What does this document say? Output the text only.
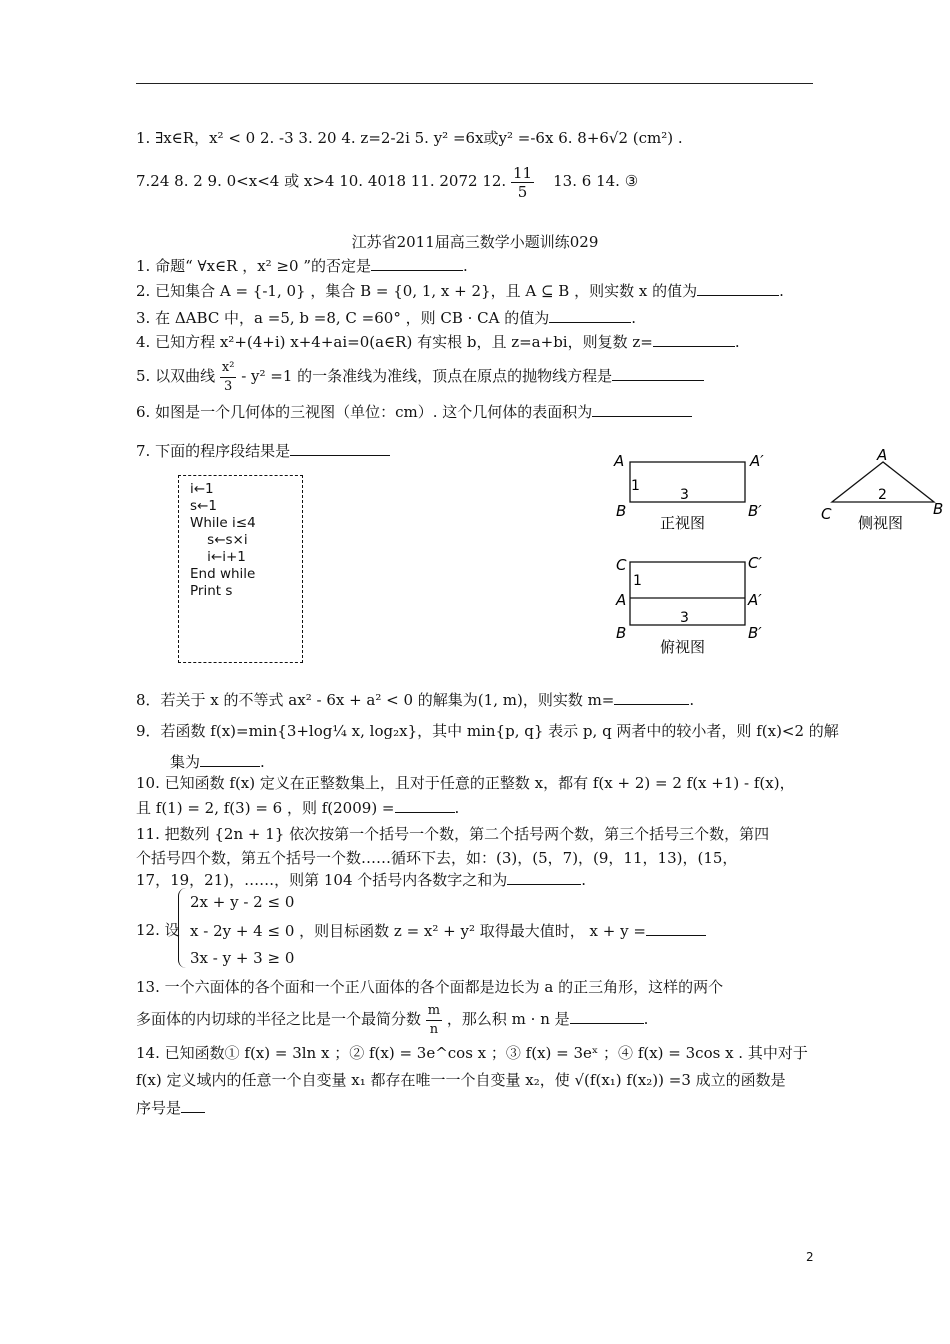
1. ∃x∈R，x² < 0 2. -3 3. 20 4. z=2-2i 5. y² =6x或y² =-6x 6. 8+6√2 (cm²) .
7.24 8. 2 9. 0<x<4 或 x>4 10. 4018 11. 2072 12. $\frac{11}{5} 13$. 6 14. ③
江苏省2011届高三数学小题训练029
1. 命题“ ∀x∈R ，x² ≥0 ”的否定是	.
2. 已知集合 A = {-1, 0} ，集合 B = {0, 1, x + 2}，且 A ⊆ B ，则实数 x 的值为	.
3. 在 ΔABC 中，a =5, b =8, C =60° ，则 CB · CA 的值为	.
4. 已知方程 x²+(4+i) x+4+ai=0(a∈R) 有实根 b，且 z=a+bi，则复数 z=	.
5. 以双曲线 $\frac{\text{x²}}{3} - y^2 =1$ 的一条准线为准线，顶点在原点的抛物线方程是
6. 如图是一个几何体的三视图（单位：cm）. 这个几何体的表面积为
7. 下面的程序段结果是
i←1
s←1
While i≤4
s←s×i
i←i+1
End while
Print s
A	A′
B	B′
1
3
正视图
A
C	B
2
侧视图
C	C′
A	A′
B	B′
1
3
俯视图
8．若关于 x 的不等式 ax² - 6x + a² < 0 的解集为(1, m)，则实数 m=	.
9．若函数 f(x)=min{3+log¼ x, log₂x}，其中 min{p, q} 表示 p, q 两者中的较小者，则 f(x)<2 的解
集为	.
10. 已知函数 f(x) 定义在正整数集上，且对于任意的正整数 x，都有 f(x + 2) = 2 f(x +1) - f(x)，
且 f(1) = 2, f(3) = 6 ，则 f(2009) =	.
11. 把数列 {2n + 1} 依次按第一个括号一个数，第二个括号两个数，第三个括号三个数，第四
个括号四个数，第五个括号一个数……循环下去，如：(3)，(5，7)，(9，11，13)，(15，
17，19，21)，……，则第 104 个括号内各数字之和为	.
12. 设
2x + y - 2 ≤ 0
x - 2y + 4 ≤ 0 ，则目标函数 z = x² + y² 取得最大值时， x + y =
3x - y + 3 ≥ 0
13. 一个六面体的各个面和一个正八面体的各个面都是边长为 a 的正三角形，这样的两个
多面体的内切球的半径之比是一个最简分数 $\frac{m}{n}$ ，那么积 m · n 是	.
14. 已知函数① f(x) = 3ln x ；② f(x) = 3e^cos x ；③ f(x) = 3eˣ ；④ f(x) = 3cos x . 其中对于
f(x) 定义域内的任意一个自变量 x₁ 都存在唯一一个自变量 x₂，使 √(f(x₁) f(x₂)) =3 成立的函数是
序号是
2
